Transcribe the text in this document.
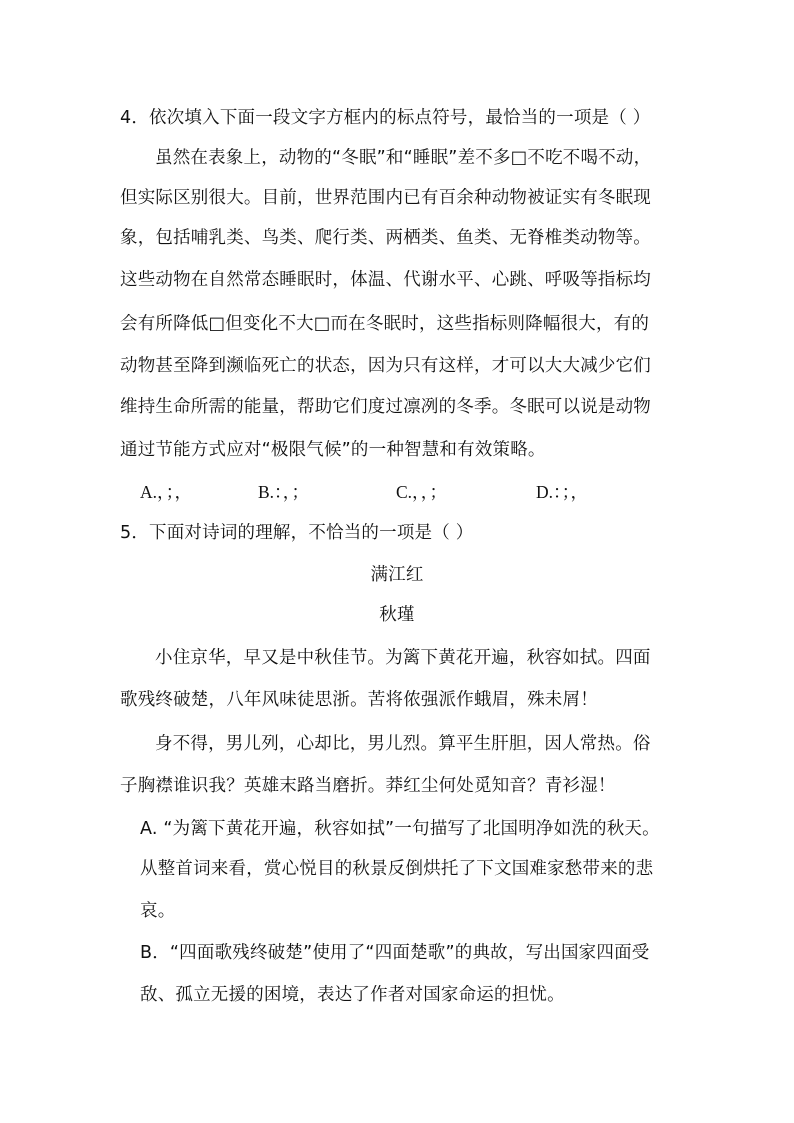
4．依次填入下面一段文字方框内的标点符号，最恰当的一项是（ ）
虽然在表象上，动物的“冬眠”和“睡眠”差不多□不吃不喝不动，
但实际区别很大。目前，世界范围内已有百余种动物被证实有冬眠现
象，包括哺乳类、鸟类、爬行类、两栖类、鱼类、无脊椎类动物等。
这些动物在自然常态睡眠时，体温、代谢水平、心跳、呼吸等指标均
会有所降低□但变化不大□而在冬眠时，这些指标则降幅很大，有的
动物甚至降到濒临死亡的状态，因为只有这样，才可以大大减少它们
维持生命所需的能量，帮助它们度过凛冽的冬季。冬眠可以说是动物
通过节能方式应对“极限气候”的一种智慧和有效策略。
A.，；，	B.：，；	C.，，；	D.：；，
5．下面对诗词的理解，不恰当的一项是（ ）
满江红
秋瑾
小住京华，早又是中秋佳节。为篱下黄花开遍，秋容如拭。四面
歌残终破楚，八年风味徒思浙。苦将侬强派作蛾眉，殊未屑！
身不得，男儿列，心却比，男儿烈。算平生肝胆，因人常热。俗
子胸襟谁识我？英雄末路当磨折。莽红尘何处觅知音？青衫湿！
A. “为篱下黄花开遍，秋容如拭”一句描写了北国明净如洗的秋天。
从整首词来看，赏心悦目的秋景反倒烘托了下文国难家愁带来的悲
哀。
B．“四面歌残终破楚”使用了“四面楚歌”的典故，写出国家四面受
敌、孤立无援的困境，表达了作者对国家命运的担忧。
